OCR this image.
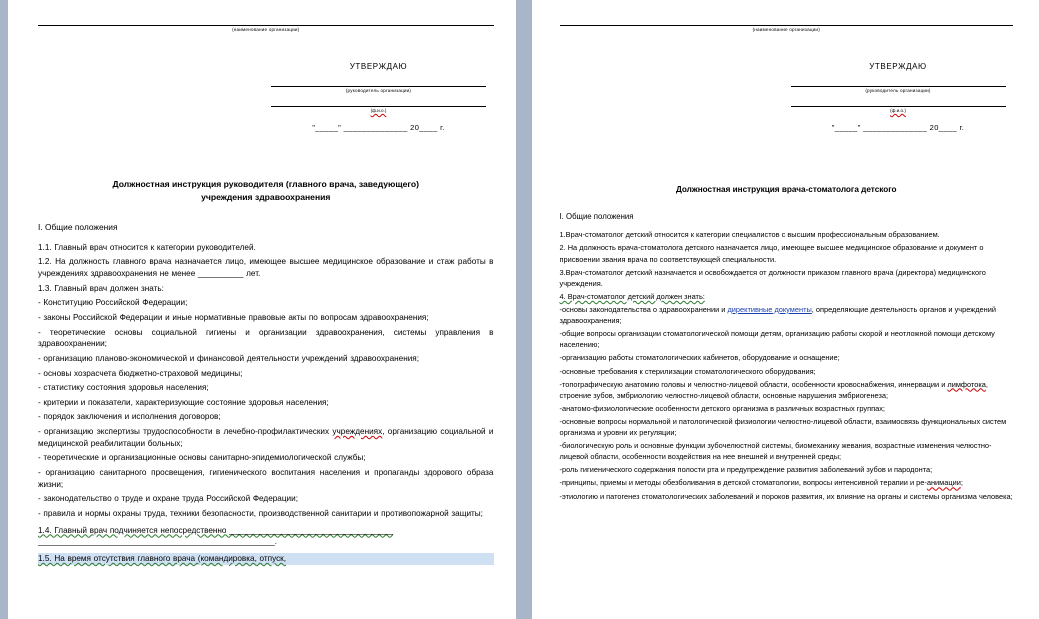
(наименование организации)
УТВЕРЖДАЮ
(руководитель организации)
(ф.и.о.)
"_____" ______________ 20____ г.
Должностная инструкция руководителя (главного врача, заведующего)
учреждения здравоохранения
I. Общие положения
1.1. Главный врач относится к категории руководителей.
1.2. На должность главного врача назначается лицо, имеющее высшее медицинское образование и стаж работы в учреждениях здравоохранения не менее __________ лет.
1.3. Главный врач должен знать:
- Конституцию Российской Федерации;
- законы Российской Федерации и иные нормативные правовые акты по вопросам здравоохранения;
- теоретические основы социальной гигиены и организации здравоохранения, системы управления в здравоохранении;
- организацию планово-экономической и финансовой деятельности учреждений здравоохранения;
- основы хозрасчета бюджетно-страховой медицины;
- статистику состояния здоровья населения;
- критерии и показатели, характеризующие состояние здоровья населения;
- порядок заключения и исполнения договоров;
- организацию экспертизы трудоспособности в лечебно-профилактических учреждениях, организацию социальной и медицинской реабилитации больных;
- теоретические и организационные основы санитарно-эпидемиологической службы;
- организацию санитарного просвещения, гигиенического воспитания населения и пропаганды здорового образа жизни;
- законодательство о труде и охране труда Российской Федерации;
- правила и нормы охраны труда, техники безопасности, производственной санитарии и противопожарной защиты;
1.4. Главный врач подчиняется непосредственно ____________________________________
____________________________________________________.
1.5. На время отсутствия главного врача (командировка, отпуск,
(наименование организации)
УТВЕРЖДАЮ
(руководитель организации)
(ф.и.о.)
"_____" ______________ 20____ г.
Должностная инструкция врача-стоматолога детского
I. Общие положения
1.Врач-стоматолог детский относится к категории специалистов с высшим профессиональным образованием.
2. На должность врача-стоматолога детского назначается лицо, имеющее высшее медицинское образование и документ о присвоении звания врача по соответствующей специальности.
3.Врач-стоматолог детский назначается и освобождается от должности приказом главного врача (директора) медицинского учреждения.
4. Врач-стоматолог детский должен знать:
-основы законодательства о здравоохранении и директивные документы, определяющие деятельность органов и учреждений здравоохранения;
-общие вопросы организации стоматологической помощи детям, организацию работы скорой и неотложной помощи детскому населению;
-организацию работы стоматологических кабинетов, оборудование и оснащение;
-основные требования к стерилизации стоматологического оборудования;
-топографическую анатомию головы и челюстно-лицевой области, особенности кровоснабжения, иннервации и лимфотока, строение зубов, эмбриологию челюстно-лицевой области, основные нарушения эмбриогенеза;
-анатомо-физиологические особенности детского организма в различных возрастных группах;
-основные вопросы нормальной и патологической физиологии челюстно-лицевой области, взаимосвязь функциональных систем организма и уровни их регуляции;
-биологическую роль и основные функции зубочелюстной системы, биомеханику жевания, возрастные изменения челюстно-лицевой области, особенности воздействия на нее внешней и внутренней среды;
-роль гигиенического содержания полости рта и предупреждение развития заболеваний зубов и пародонта;
-принципы, приемы и методы обезболивания в детской стоматологии, вопросы интенсивной терапии и ре-анимации;
-этиологию и патогенез стоматологических заболеваний и пороков развития, их влияние на органы и системы организма человека;
